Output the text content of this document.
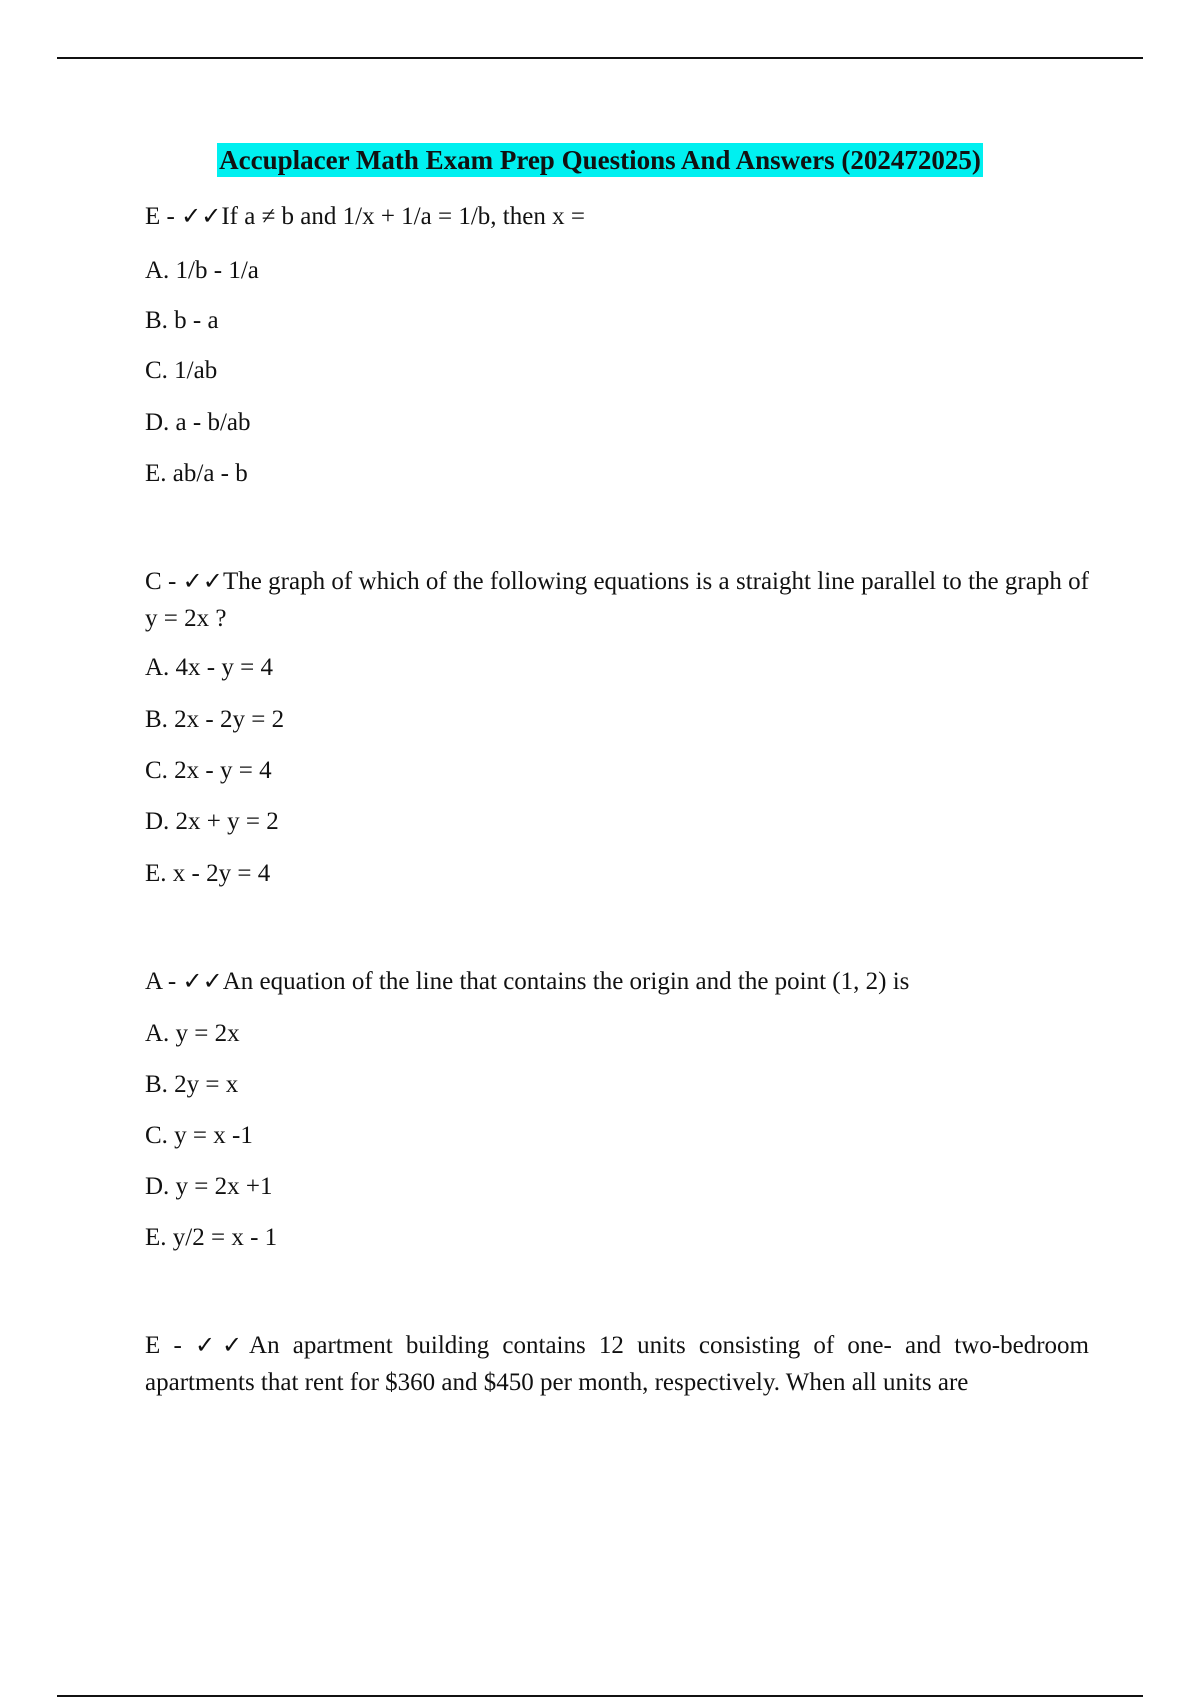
Accuplacer Math Exam Prep Questions And Answers (202472025)
E - ✓✓If a ≠ b and 1/x + 1/a = 1/b, then x =
A. 1/b - 1/a
B. b - a
C. 1/ab
D. a - b/ab
E. ab/a - b
C - ✓✓The graph of which of the following equations is a straight line parallel to the graph of y = 2x ?
A. 4x - y = 4
B. 2x - 2y = 2
C. 2x - y = 4
D. 2x + y = 2
E. x - 2y = 4
A - ✓✓An equation of the line that contains the origin and the point (1, 2) is
A. y = 2x
B. 2y = x
C. y = x -1
D. y = 2x +1
E. y/2 = x - 1
E - ✓✓An apartment building contains 12 units consisting of one- and two-bedroom apartments that rent for $360 and $450 per month, respectively. When all units are
